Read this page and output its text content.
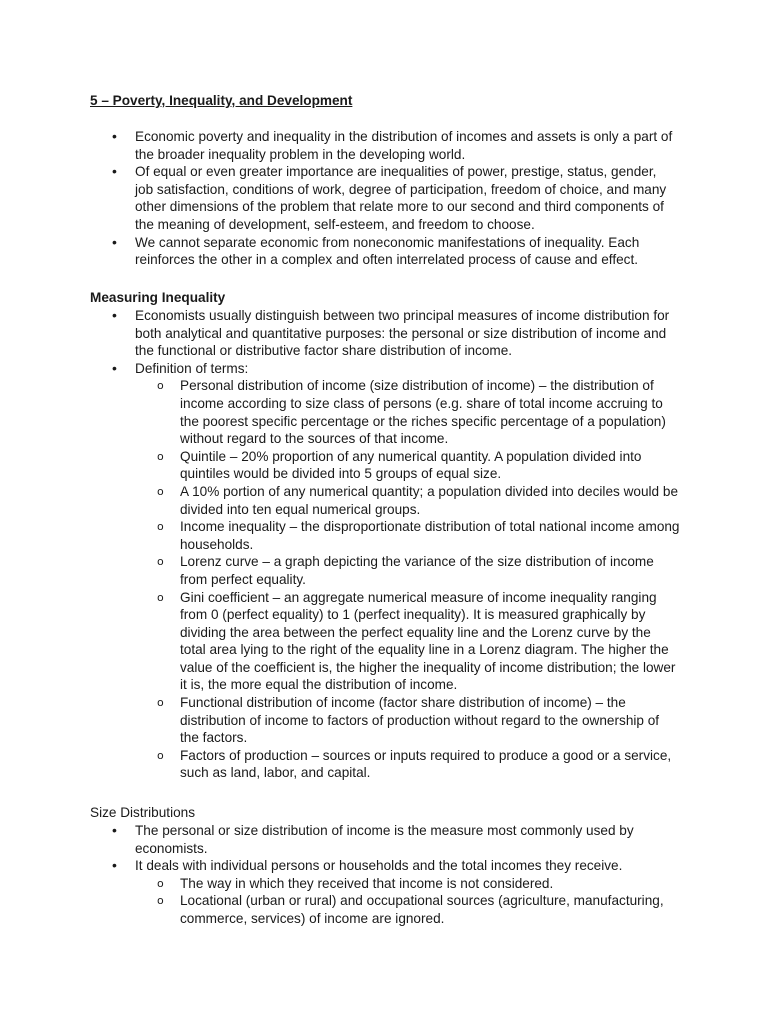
5 – Poverty, Inequality, and Development
• Economic poverty and inequality in the distribution of incomes and assets is only a part of the broader inequality problem in the developing world.
• Of equal or even greater importance are inequalities of power, prestige, status, gender, job satisfaction, conditions of work, degree of participation, freedom of choice, and many other dimensions of the problem that relate more to our second and third components of the meaning of development, self-esteem, and freedom to choose.
• We cannot separate economic from noneconomic manifestations of inequality. Each reinforces the other in a complex and often interrelated process of cause and effect.
Measuring Inequality
• Economists usually distinguish between two principal measures of income distribution for both analytical and quantitative purposes: the personal or size distribution of income and the functional or distributive factor share distribution of income.
• Definition of terms:
o Personal distribution of income (size distribution of income) – the distribution of income according to size class of persons (e.g. share of total income accruing to the poorest specific percentage or the riches specific percentage of a population) without regard to the sources of that income.
o Quintile – 20% proportion of any numerical quantity. A population divided into quintiles would be divided into 5 groups of equal size.
o A 10% portion of any numerical quantity; a population divided into deciles would be divided into ten equal numerical groups.
o Income inequality – the disproportionate distribution of total national income among households.
o Lorenz curve – a graph depicting the variance of the size distribution of income from perfect equality.
o Gini coefficient – an aggregate numerical measure of income inequality ranging from 0 (perfect equality) to 1 (perfect inequality). It is measured graphically by dividing the area between the perfect equality line and the Lorenz curve by the total area lying to the right of the equality line in a Lorenz diagram. The higher the value of the coefficient is, the higher the inequality of income distribution; the lower it is, the more equal the distribution of income.
o Functional distribution of income (factor share distribution of income) – the distribution of income to factors of production without regard to the ownership of the factors.
o Factors of production – sources or inputs required to produce a good or a service, such as land, labor, and capital.
Size Distributions
• The personal or size distribution of income is the measure most commonly used by economists.
• It deals with individual persons or households and the total incomes they receive.
o The way in which they received that income is not considered.
o Locational (urban or rural) and occupational sources (agriculture, manufacturing, commerce, services) of income are ignored.
